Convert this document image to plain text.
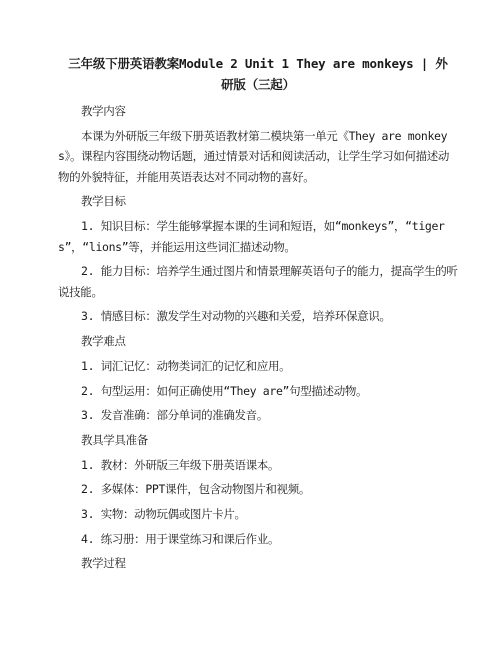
三年级下册英语教案Module 2 Unit 1 They are monkeys | 外
研版（三起）
教学内容
本课为外研版三年级下册英语教材第二模块第一单元《They are monkeys》。课程内容围绕动物话题，通过情景对话和阅读活动，让学生学习如何描述动物的外貌特征，并能用英语表达对不同动物的喜好。
教学目标
1. 知识目标：学生能够掌握本课的生词和短语，如“monkeys”，“tigers”，“lions”等，并能运用这些词汇描述动物。
2. 能力目标：培养学生通过图片和情景理解英语句子的能力，提高学生的听说技能。
3. 情感目标：激发学生对动物的兴趣和关爱，培养环保意识。
教学难点
1. 词汇记忆：动物类词汇的记忆和应用。
2. 句型运用：如何正确使用“They are”句型描述动物。
3. 发音准确：部分单词的准确发音。
教具学具准备
1. 教材：外研版三年级下册英语课本。
2. 多媒体：PPT课件，包含动物图片和视频。
3. 实物：动物玩偶或图片卡片。
4. 练习册：用于课堂练习和课后作业。
教学过程
